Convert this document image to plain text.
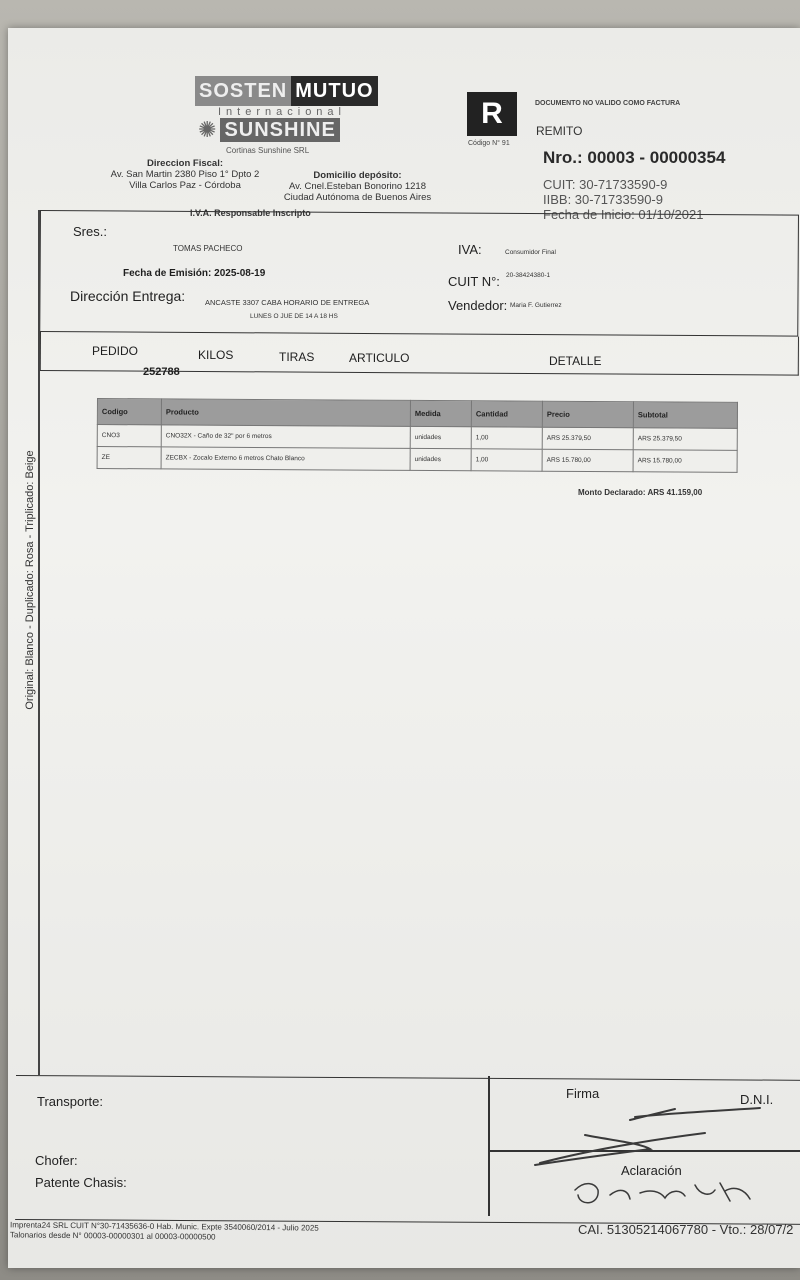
SOSTEN MUTUO
Internacional
✺ SUNSHINE
Cortinas Sunshine SRL
Direccion Fiscal:
Av. San Martin 2380 Piso 1° Dpto 2
Villa Carlos Paz - Córdoba
Domicilio depósito:
Av. Cnel.Esteban Bonorino 1218
Ciudad Autónoma de Buenos Aires
I.V.A. Responsable Inscripto
R
Código N° 91
DOCUMENTO NO VALIDO COMO FACTURA
REMITO
Nro.: 00003 - 00000354
CUIT: 30-71733590-9
IIBB: 30-71733590-9
Fecha de Inicio: 01/10/2021
Sres.:
TOMAS PACHECO	IVA:	Consumidor Final
Fecha de Emisión: 2025-08-19
CUIT N°: 20-38424380-1
Dirección Entrega:	ANCASTE 3307 CABA HORARIO DE ENTREGA
LUNES O JUE DE 14 A 18 HS
Vendedor: Maria F. Gutierrez
PEDIDO	KILOS	TIRAS	ARTICULO	DETALLE
252788
Codigo	Producto	Medida	Cantidad	Precio	Subtotal
CNO3	CNO32X - Caño de 32" por 6 metros	unidades	1,00	ARS 25.379,50	ARS 25.379,50
ZE	ZECBX - Zocalo Externo 6 metros Chato Blanco	unidades	1,00	ARS 15.780,00	ARS 15.780,00
Monto Declarado: ARS 41.159,00
Original: Blanco - Duplicado: Rosa - Triplicado: Beige
Transporte:
Chofer:
Patente Chasis:
Firma	D.N.I.
Aclaración
Imprenta24 SRL CUIT N°30-71435636-0 Hab. Munic. Expte 3540060/2014 - Julio 2025
Talonarios desde N° 00003-00000301 al 00003-00000500	CAI. 51305214067780 - Vto.: 28/07/2
